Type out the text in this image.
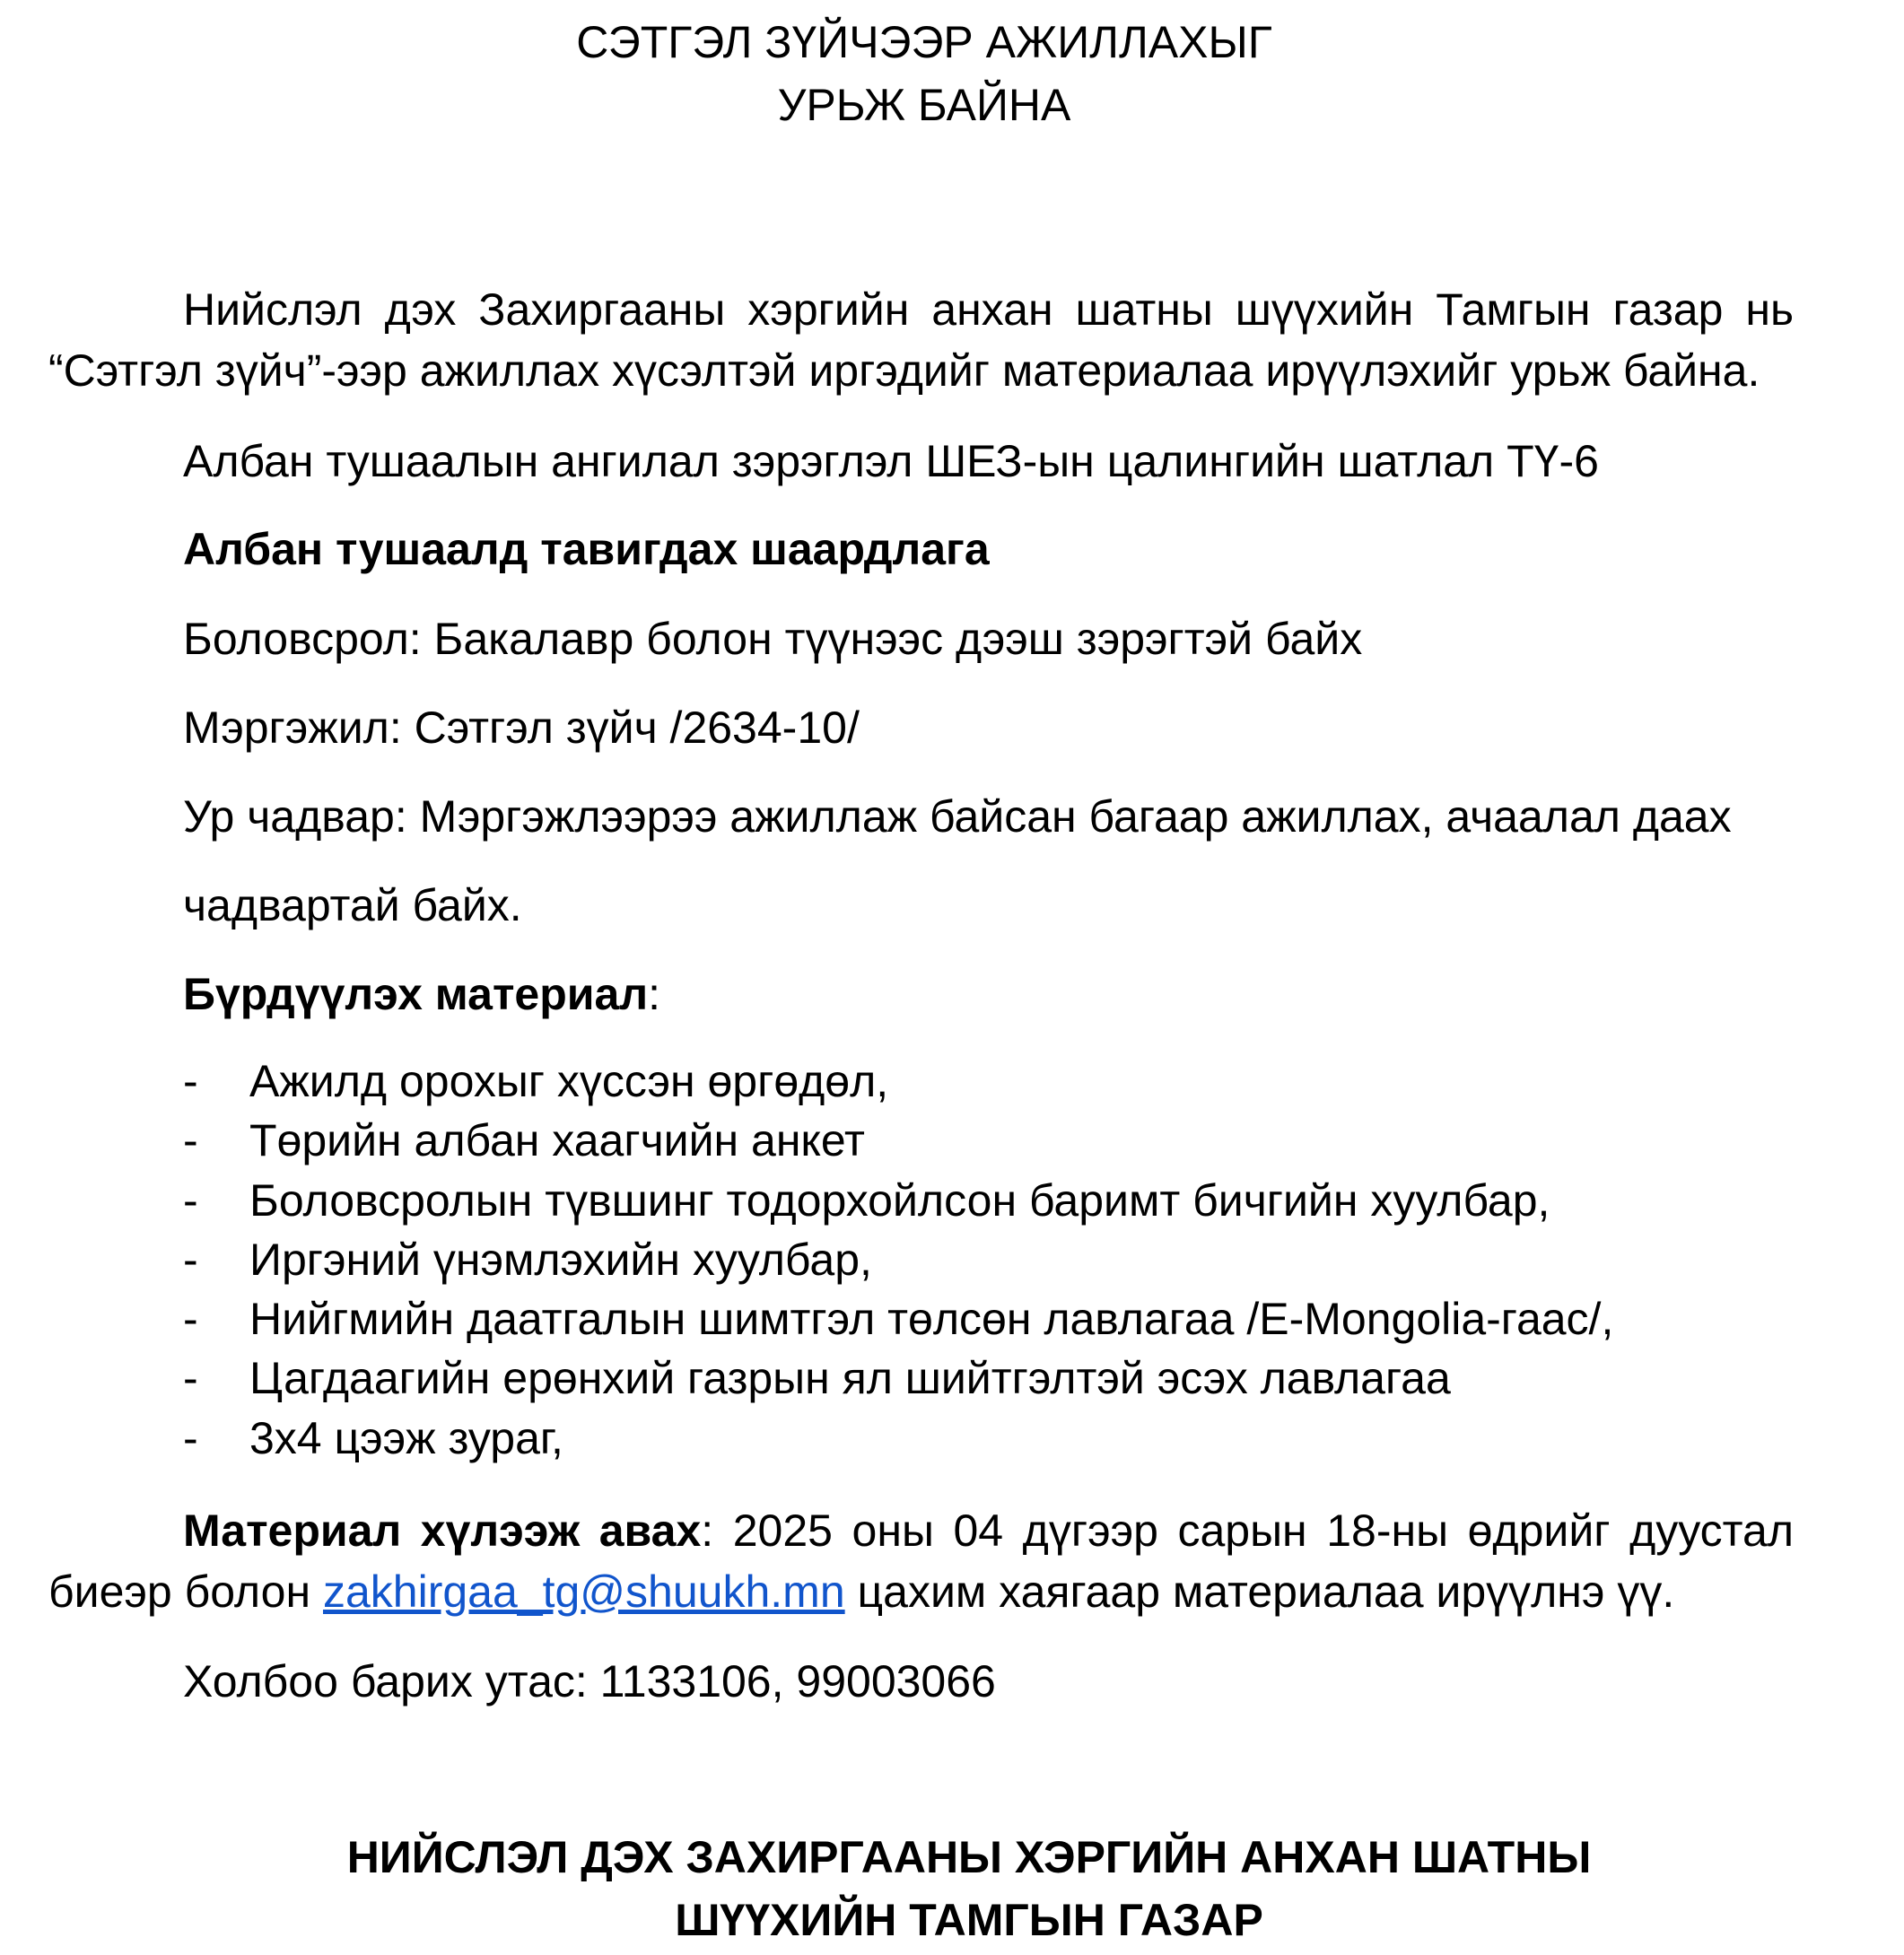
СЭТГЭЛ ЗҮЙЧЭЭР АЖИЛЛАХЫГ
УРЬЖ БАЙНА
Нийслэл дэх Захиргааны хэргийн анхан шатны шүүхийн Тамгын газар нь “Сэтгэл зүйч”-ээр ажиллах хүсэлтэй иргэдийг материалаа ирүүлэхийг урьж байна.
Албан тушаалын ангилал зэрэглэл ШЕЗ-ын цалингийн шатлал ТҮ-6
Албан тушаалд тавигдах шаардлага
Боловсрол: Бакалавр болон түүнээс дээш зэрэгтэй байх
Мэргэжил: Сэтгэл зүйч /2634-10/
Ур чадвар: Мэргэжлээрээ ажиллаж байсан багаар ажиллах, ачаалал даах
чадвартай байх.
Бүрдүүлэх материал:
-	Ажилд орохыг хүссэн өргөдөл,
-	Төрийн албан хаагчийн анкет
-	Боловсролын түвшинг тодорхойлсон баримт бичгийн хуулбар,
-	Иргэний үнэмлэхийн хуулбар,
-	Нийгмийн даатгалын шимтгэл төлсөн лавлагаа /E-Mongolia-гаас/,
-	Цагдаагийн ерөнхий газрын ял шийтгэлтэй эсэх лавлагаа
-	3х4 цээж зураг,
Материал хүлээж авах: 2025 оны 04 дүгээр сарын 18-ны өдрийг дуустал биеэр болон zakhirgaa_tg@shuukh.mn цахим хаягаар материалаа ирүүлнэ үү.
Холбоо барих утас: 1133106, 99003066
НИЙСЛЭЛ ДЭХ ЗАХИРГААНЫ ХЭРГИЙН АНХАН ШАТНЫ
ШҮҮХИЙН ТАМГЫН ГАЗАР
